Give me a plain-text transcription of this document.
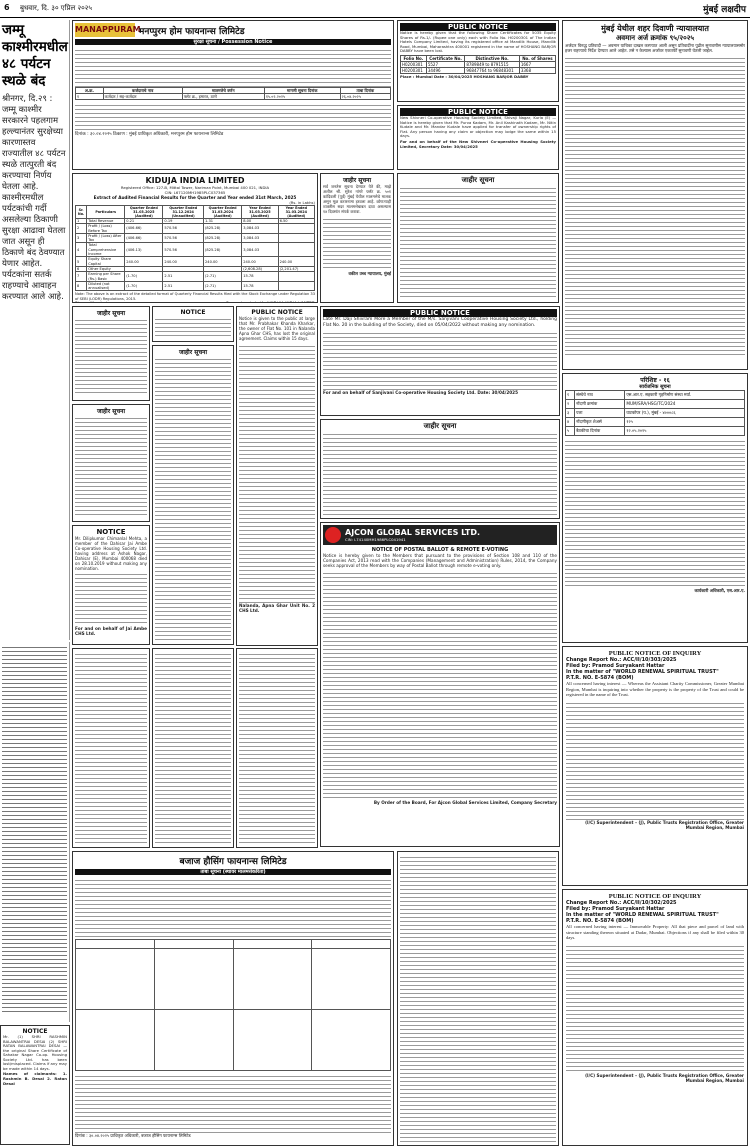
6 बुधवार, दि. ३० एप्रिल २०२५	मुंबई लक्षदीप
जम्मू काश्मीरमधील ४८ पर्यटन स्थळे बंद
श्रीनगर, दि.२९ : जम्मू काश्मीर सरकारने पहलगाम हल्ल्यानंतर सुरक्षेच्या कारणास्तव राज्यातील ४८ पर्यटन स्थळे तात्पुरती बंद करण्याचा निर्णय घेतला आहे. काश्मीरमधील पर्यटकांची गर्दी असलेल्या ठिकाणी सुरक्षा आढावा घेतला जात असून ही ठिकाणे बंद ठेवण्यात येणार आहेत. पर्यटकांना सतर्क राहण्याचे आवाहन करण्यात आले आहे.
MANAPPURAM
मनप्पुरम होम फायनान्स लिमिटेड
सुरक्षा सूचना / Possession Notice
अ.क्र.	कर्जदाराचे नाव	मालमत्तेचे वर्णन	मागणी सूचना दिनांक	ताबा दिनांक
१	कर्जदार / सह-कर्जदार	फ्लॅट क्र., इमारत, ठाणे	१५.०२.२०२५	२६.०४.२०२५
दिनांक : ३०.०४.२०२५ ठिकाण : मुंबई प्राधिकृत अधिकारी, मनप्पुरम होम फायनान्स लिमिटेड
KIDUJA INDIA LIMITED
Registered Office: 127-B, Mittal Tower, Nariman Point, Mumbai 400 021, INDIA
CIN: L67120MH1985PLC037365
Extract of Audited Financial Results for the Quarter and Year ended 31st March, 2025
(Rs. in Lakhs)
Sr. No.	Particulars	Quarter Ended 31.03.2025 (Audited)	Quarter Ended 31.12.2024 (Unaudited)	Quarter Ended 31.03.2024 (Audited)	Year Ended 31.03.2025 (Audited)	Year Ended 31.03.2024 (Audited)
1	Total Revenue	0.21	0.19	1.31	8.00	6.50
2	Profit / (Loss) Before Tax	(406.66)	570.56	(825.28)	3,084.03	
3	Profit / (Loss) After Tax	(406.66)	570.56	(825.28)	3,084.03	
4	Total Comprehensive Income	(406.13)	570.56	(825.28)	3,084.03	
5	Equity Share Capital	240.00	240.00	240.00	240.00	240.00
6	Other Equity				(2,608.28)	(2,201.47)
7	Earning per Share (Rs.) Basic	(1.70)	2.51	(2.71)	15.78	
8	Diluted (not annualised)	(1.70)	2.51	(2.71)	15.78	
Note: The above is an extract of the detailed format of Quarterly Financial Results filed with the Stock Exchange under Regulation 33 of SEBI (LODR) Regulations, 2015.
जाहीर सूचना
सर्व जनतेस सूचना देण्यात येते की, माझे अशील श्री. सुरेश नांगरे फ्लॅट क्र. ५०१ कांदिवली (पूर्व) मुंबई येथील मालमत्तेचे मालक असून मूळ करारनामा हरवला आहे. कोणत्याही व्यक्तीस सदर मालमत्तेबाबत दावा असल्यास १४ दिवसांत संपर्क करावा.
वकील उच्च न्यायालय, मुंबई
जाहीर सूचना
जाहीर सूचना
NOTICE
Mr. Dilipkumar Chimanlal Mehta, a member of the Dahisar Jai Ambe Co-operative Housing Society Ltd. having address at Ashok Nagar, Dahisar (E), Mumbai 400068 died on 28.10.2019 without making any nomination.
For and on behalf of Jai Ambe CHS Ltd.
NOTICE
जाहीर सूचना
PUBLIC NOTICE
Notice is given to the public at large that Mr. Prabhakar Khanda Kharkar, the owner of Flat No. 101 in Nalanda Apna Ghar CHS, has lost the original agreement. Claims within 15 days.
Nalanda, Apna Ghar Unit No. 2 CHS Ltd.
NOTICE
Mr. (1) SHRI RASHMIN BALAWANTRAI DESAI (2) SHRI RATAN BALAWANTRAI DESAI — the original Share Certificate of Sahakar Nagar Co-op. Housing Society Ltd. has been lost/misplaced. Claims if any may be made within 14 days.
Names of claimants: 1. Rashmin B. Desai 2. Ratan Desai
बजाज हौसिंग फायनान्स लिमिटेड
ताबा सूचना (स्थावर मालमत्तेकरिता)

दिनांक : ३०.०४.२०२५ प्राधिकृत अधिकारी, बजाज हौसिंग फायनान्स लिमिटेड
PUBLIC NOTICE
Notice is hereby given that the following Share Certificates for 5035 Equity Shares of Rs.1/- (Rupee one only) each with Folio No. H0200301 of The Indian Hotels Company Limited, having its registered office at Mandlik House, Mandlik Road, Mumbai, Maharashtra 400001 registered in the name of HOSHANG BARJOR DABBY have been lost.
Folio No.	Certificate No.	Distinctive No.	No. of Shares
H0200301	5527	8789849 to 8791515	1667
H0200301	34496	96847764 to 96848301	3368
Place : Mumbai Date : 30/04/2025 HOSHANG BARJOR DABBY
PUBLIC NOTICE
New Shivneri Co-operative Housing Society Limited, Shivaji Nagar, Kurla (E) — Notice is hereby given that Mr. Purva Kadam, Mr. Anil Kashinath Kadam, Mr. Nitin Kudale and Mr. Mandar Kudale have applied for transfer of ownership rights of Flat. Any person having any claim or objection may lodge the same within 15 days.
For and on behalf of the New Shivneri Co-operative Housing Society Limited, Secretary Date: 30/04/2025
जाहीर सूचना
PUBLIC NOTICE
Late Mr. Daji Shivram More a Member of the M/s. Sanjivani Cooperative Housing Society Ltd., holding Flat No. 20 in the building of the Society, died on 05/04/2022 without making any nomination.
For and on behalf of Sanjivani Co-operative Housing Society Ltd. Date: 30/04/2025
जाहीर सूचना
AJCON GLOBAL SERVICES LTD.
CIN: L74140MH1986PLC041941
NOTICE OF POSTAL BALLOT & REMOTE E-VOTING
Notice is hereby given to the Members that pursuant to the provisions of Section 108 and 110 of the Companies Act, 2013 read with the Companies (Management and Administration) Rules, 2014, the Company seeks approval of the Members by way of Postal Ballot through remote e-voting only.
By Order of the Board, For Ajcon Global Services Limited, Company Secretary
मुंबई येथील शहर दिवाणी न्यायालयात
अवमान अर्ज क्रमांक ९५/२०२५
अर्जदार विरुद्ध प्रतिवादी — अवमान याचिका दाखल करण्यात आली असून प्रतिवादींना पुढील सुनावणीस न्यायालयासमोर हजर राहण्याचे निर्देश देण्यात आले आहेत. तसे न केल्यास अर्जावर एकतर्फी सुनावणी घेतली जाईल.
परिशिष्ट - १६
सार्वजनिक सूचना
१	संस्थेचे नाव	एस.आर.ए. सहकारी गृहनिर्माण संस्था मर्या.
२	नोंदणी क्रमांक	MUM/SRA/HSG/TC/2024
३	पत्ता	घाटकोपर (प.), मुंबई - ४०००८६
४	नोंदणीकृत शेअर्स	१२५
५	बैठकीचा दिनांक	१२.०५.२०२५
कार्यकारी अधिकारी, एस.आर.ए.
PUBLIC NOTICE OF INQUIRY
Change Report No.: ACC/II/10/303/2025
Filed by: Pramod Suryakant Hattar
In the matter of "WORLD RENEWAL SPIRITUAL TRUST"
P.T.R. NO. E-5874 (BOM)
All concerned having interest — Whereas the Assistant Charity Commissioner, Greater Mumbai Region, Mumbai is inquiring into whether the property is the property of the Trust and could be registered in the name of the Trust.
(I/C) Superintendent – (J), Public Trusts Registration Office, Greater Mumbai Region, Mumbai
PUBLIC NOTICE OF INQUIRY
Change Report No.: ACC/II/10/302/2025
Filed by: Pramod Suryakant Hattar
In the matter of "WORLD RENEWAL SPIRITUAL TRUST"
P.T.R. NO. E-5874 (BOM)
All concerned having interest — Immovable Property: All that piece and parcel of land with structure standing thereon situated at Dadar, Mumbai. Objections if any shall be filed within 30 days.
(I/C) Superintendent – (J), Public Trusts Registration Office, Greater Mumbai Region, Mumbai
